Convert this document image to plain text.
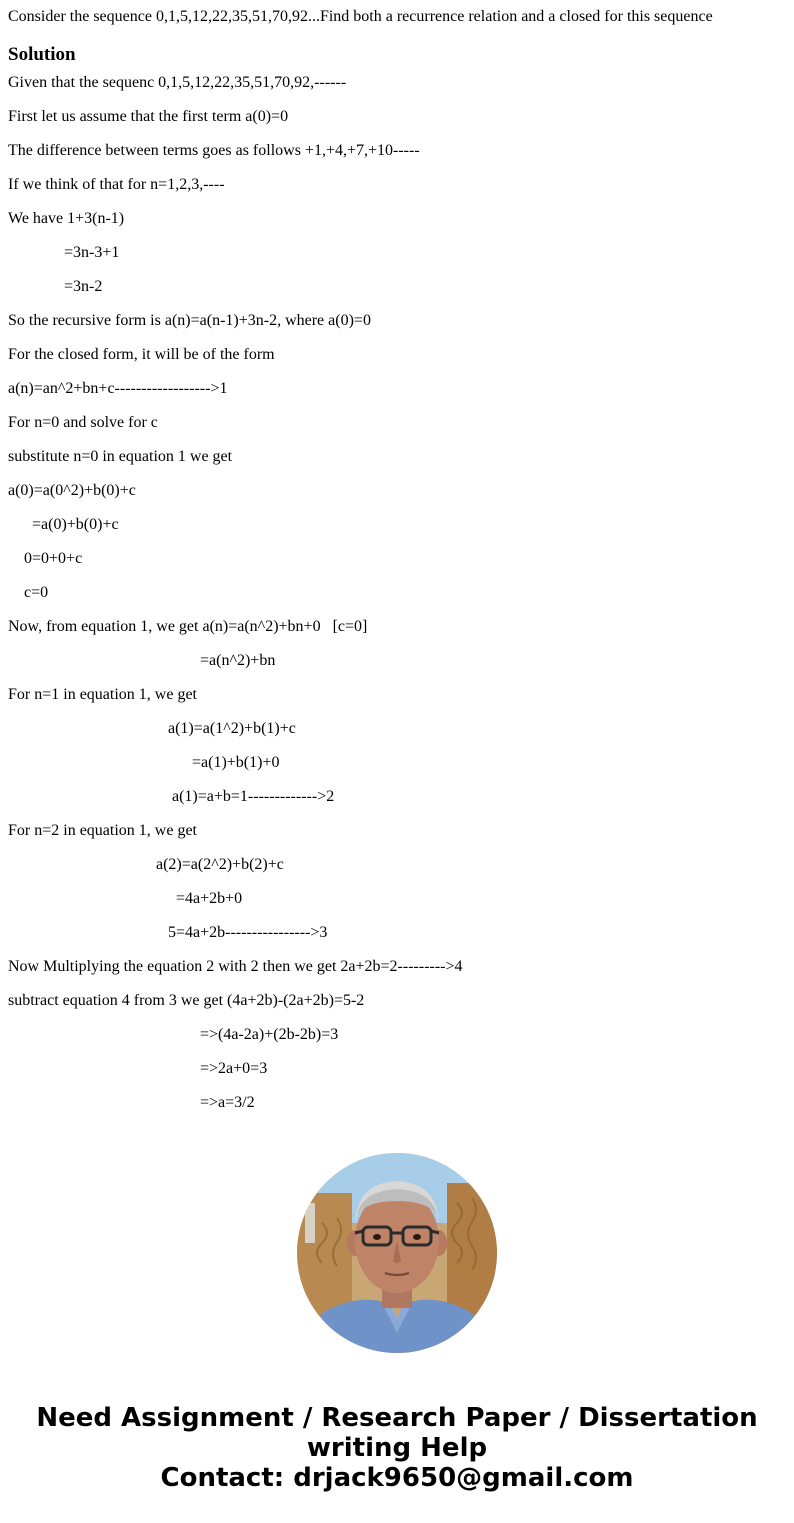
Consider the sequence 0,1,5,12,22,35,51,70,92...Find both a recurrence relation and a closed for this sequence

Solution

Given that the sequenc 0,1,5,12,22,35,51,70,92,------

First let us assume that the first term a(0)=0

The difference between terms goes as follows +1,+4,+7,+10-----

If we think of that for n=1,2,3,----

We have 1+3(n-1)

=3n-3+1

=3n-2

So the recursive form is a(n)=a(n-1)+3n-2, where a(0)=0

For the closed form, it will be of the form

a(n)=an^2+bn+c------------------>1

For n=0 and solve for c

substitute n=0 in equation 1 we get

a(0)=a(0^2)+b(0)+c

=a(0)+b(0)+c

0=0+0+c

c=0

Now, from equation 1, we get a(n)=a(n^2)+bn+0   [c=0]

=a(n^2)+bn

For n=1 in equation 1, we get

a(1)=a(1^2)+b(1)+c

=a(1)+b(1)+0

a(1)=a+b=1------------->2

For n=2 in equation 1, we get

a(2)=a(2^2)+b(2)+c

=4a+2b+0

5=4a+2b---------------->3

Now Multiplying the equation 2 with 2 then we get 2a+2b=2--------->4

subtract equation 4 from 3 we get (4a+2b)-(2a+2b)=5-2

=>(4a-2a)+(2b-2b)=3

=>2a+0=3

=>a=3/2

Need Assignment / Research Paper / Dissertation
writing Help
Contact: drjack9650@gmail.com
